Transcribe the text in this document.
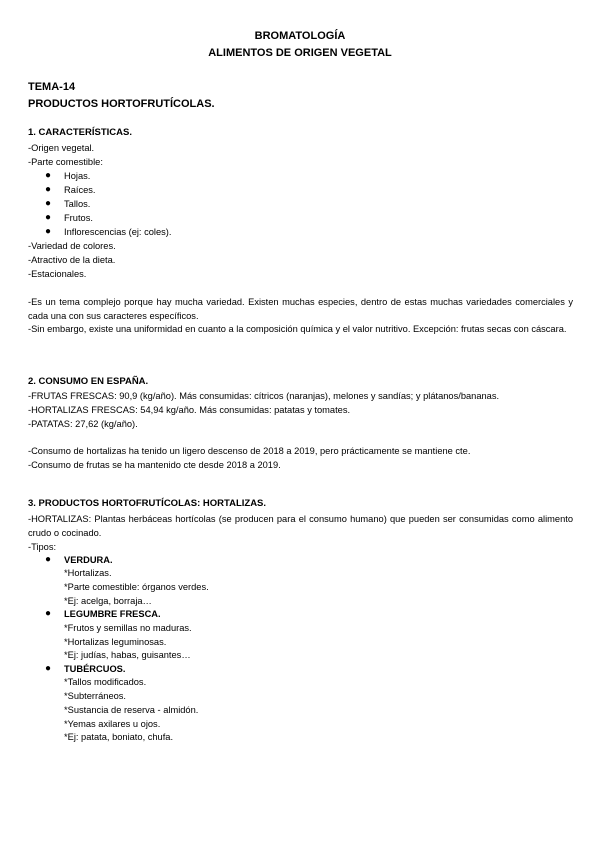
BROMATOLOGÍA
ALIMENTOS DE ORIGEN VEGETAL
TEMA-14
PRODUCTOS HORTOFRUTÍCOLAS.
1. CARACTERÍSTICAS.
-Origen vegetal.
-Parte comestible:
● Hojas.
● Raíces.
● Tallos.
● Frutos.
● Inflorescencias (ej: coles).
-Variedad de colores.
-Atractivo de la dieta.
-Estacionales.
-Es un tema complejo porque hay mucha variedad. Existen muchas especies, dentro de estas muchas variedades comerciales y cada una con sus caracteres específicos.
-Sin embargo, existe una uniformidad en cuanto a la composición química y el valor nutritivo. Excepción: frutas secas con cáscara.
2. CONSUMO EN ESPAÑA.
-FRUTAS FRESCAS: 90,9 (kg/año). Más consumidas: cítricos (naranjas), melones y sandías; y plátanos/bananas.
-HORTALIZAS FRESCAS: 54,94 kg/año. Más consumidas: patatas y tomates.
-PATATAS: 27,62 (kg/año).
-Consumo de hortalizas ha tenido un ligero descenso de 2018 a 2019, pero prácticamente se mantiene cte.
-Consumo de frutas se ha mantenido cte desde 2018 a 2019.
3. PRODUCTOS HORTOFRUTÍCOLAS: HORTALIZAS.
-HORTALIZAS: Plantas herbáceas hortícolas (se producen para el consumo humano) que pueden ser consumidas como alimento crudo o cocinado.
-Tipos:
● VERDURA.
*Hortalizas.
*Parte comestible: órganos verdes.
*Ej: acelga, borraja…
● LEGUMBRE FRESCA.
*Frutos y semillas no maduras.
*Hortalizas leguminosas.
*Ej: judías, habas, guisantes…
● TUBÉRCUOS.
*Tallos modificados.
*Subterráneos.
*Sustancia de reserva - almidón.
*Yemas axilares u ojos.
*Ej: patata, boniato, chufa.
